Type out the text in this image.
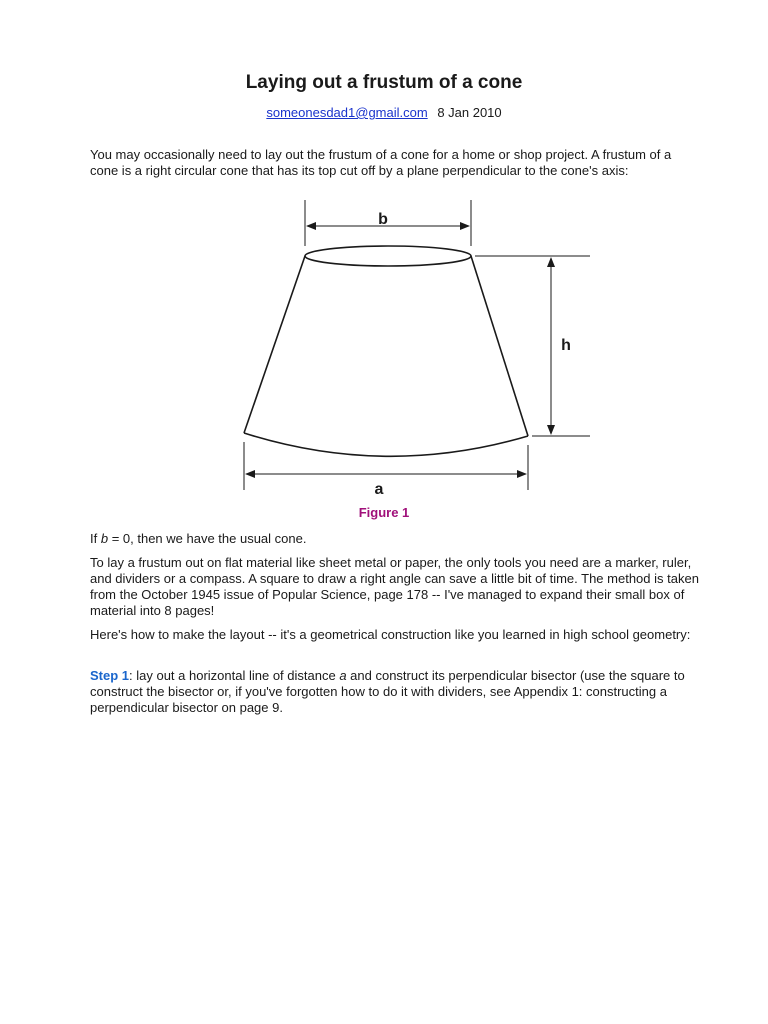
Laying out a frustum of a cone
someonesdad1@gmail.com 8 Jan 2010

You may occasionally need to lay out the frustum of a cone for a home or shop project. A frustum of a cone is a right circular cone that has its top cut off by a plane perpendicular to the cone's axis:

b
h
a
Figure 1

If b = 0, then we have the usual cone.

To lay a frustum out on flat material like sheet metal or paper, the only tools you need are a marker, ruler, and dividers or a compass. A square to draw a right angle can save a little bit of time. The method is taken from the October 1945 issue of Popular Science, page 178 -- I've managed to expand their small box of material into 8 pages!

Here's how to make the layout -- it's a geometrical construction like you learned in high school geometry:

Step 1: lay out a horizontal line of distance a and construct its perpendicular bisector (use the square to construct the bisector or, if you've forgotten how to do it with dividers, see Appendix 1: constructing a perpendicular bisector on page 9.
